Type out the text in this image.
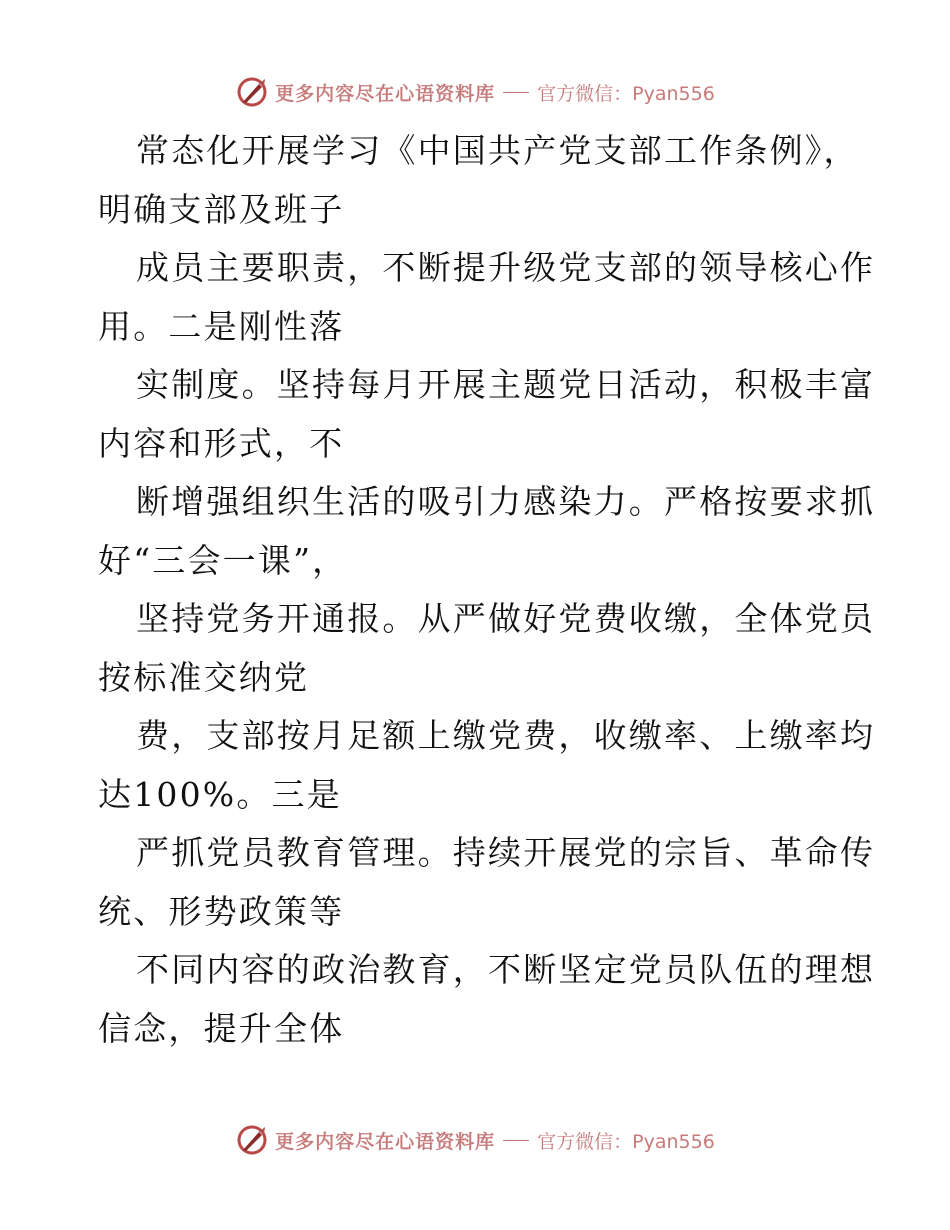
更多内容尽在心语资料库 官方微信：Pyan556
常态化开展学习《中国共产党支部工作条例》，
明确支部及班子
成员主要职责，不断提升级党支部的领导核心作
用。二是刚性落
实制度。坚持每月开展主题党日活动，积极丰富
内容和形式，不
断增强组织生活的吸引力感染力。严格按要求抓
好“三会一课”，
坚持党务开通报。从严做好党费收缴，全体党员
按标准交纳党
费，支部按月足额上缴党费，收缴率、上缴率均
达100%。三是
严抓党员教育管理。持续开展党的宗旨、革命传
统、形势政策等
不同内容的政治教育，不断坚定党员队伍的理想
信念，提升全体
更多内容尽在心语资料库 官方微信：Pyan556
